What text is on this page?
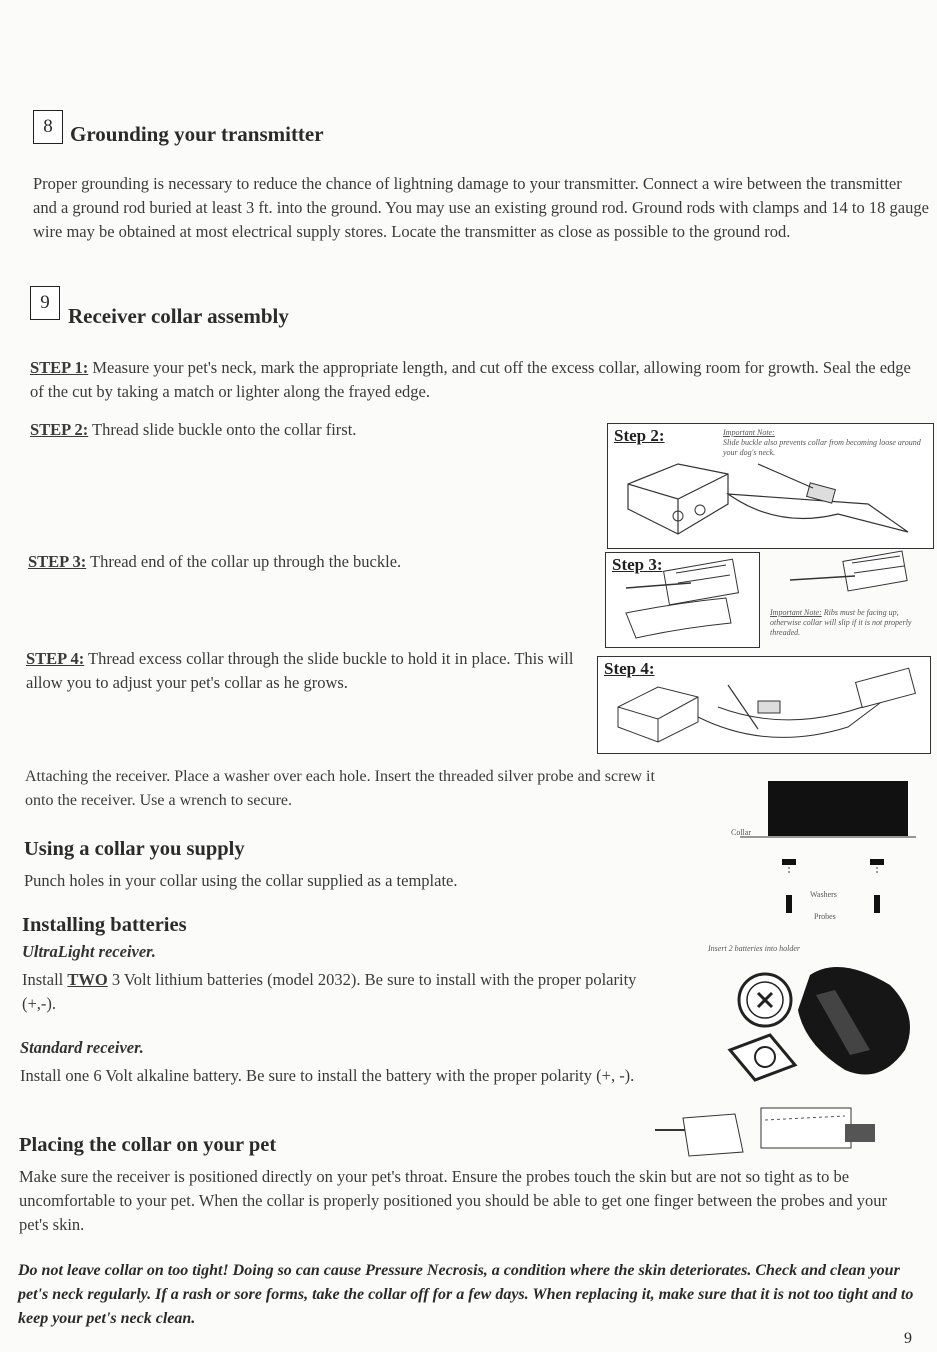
8 Grounding your transmitter
Proper grounding is necessary to reduce the chance of lightning damage to your transmitter. Connect a wire between the transmitter and a ground rod buried at least 3 ft. into the ground. You may use an existing ground rod. Ground rods with clamps and 14 to 18 gauge wire may be obtained at most electrical supply stores. Locate the transmitter as close as possible to the ground rod.
9
Receiver collar assembly
STEP 1: Measure your pet's neck, mark the appropriate length, and cut off the excess collar, allowing room for growth. Seal the edge of the cut by taking a match or lighter along the frayed edge.
STEP 2: Thread slide buckle onto the collar first.
STEP 3: Thread end of the collar up through the buckle.
STEP 4: Thread excess collar through the slide buckle to hold it in place. This will allow you to adjust your pet's collar as he grows.
Step 2:	Important Note:
Slide buckle also prevents collar from becoming loose around your dog's neck.
Step 3:
Important Note: Ribs must be facing up, otherwise collar will slip if it is not properly threaded.
Step 4:
Attaching the receiver. Place a washer over each hole. Insert the threaded silver probe and screw it onto the receiver. Use a wrench to secure.
Collar
Washers
Probes
Using a collar you supply
Punch holes in your collar using the collar supplied as a template.
Installing batteries
UltraLight receiver.
Install TWO 3 Volt lithium batteries (model 2032). Be sure to install with the proper polarity (+,-).
Standard receiver.
Install one 6 Volt alkaline battery. Be sure to install the battery with the proper polarity (+, -).
Insert 2 batteries into holder
Placing the collar on your pet
Make sure the receiver is positioned directly on your pet's throat. Ensure the probes touch the skin but are not so tight as to be uncomfortable to your pet. When the collar is properly positioned you should be able to get one finger between the probes and your pet's skin.
Do not leave collar on too tight! Doing so can cause Pressure Necrosis, a condition where the skin deteriorates. Check and clean your pet's neck regularly. If a rash or sore forms, take the collar off for a few days. When replacing it, make sure that it is not too tight and to keep your pet's neck clean.
9
